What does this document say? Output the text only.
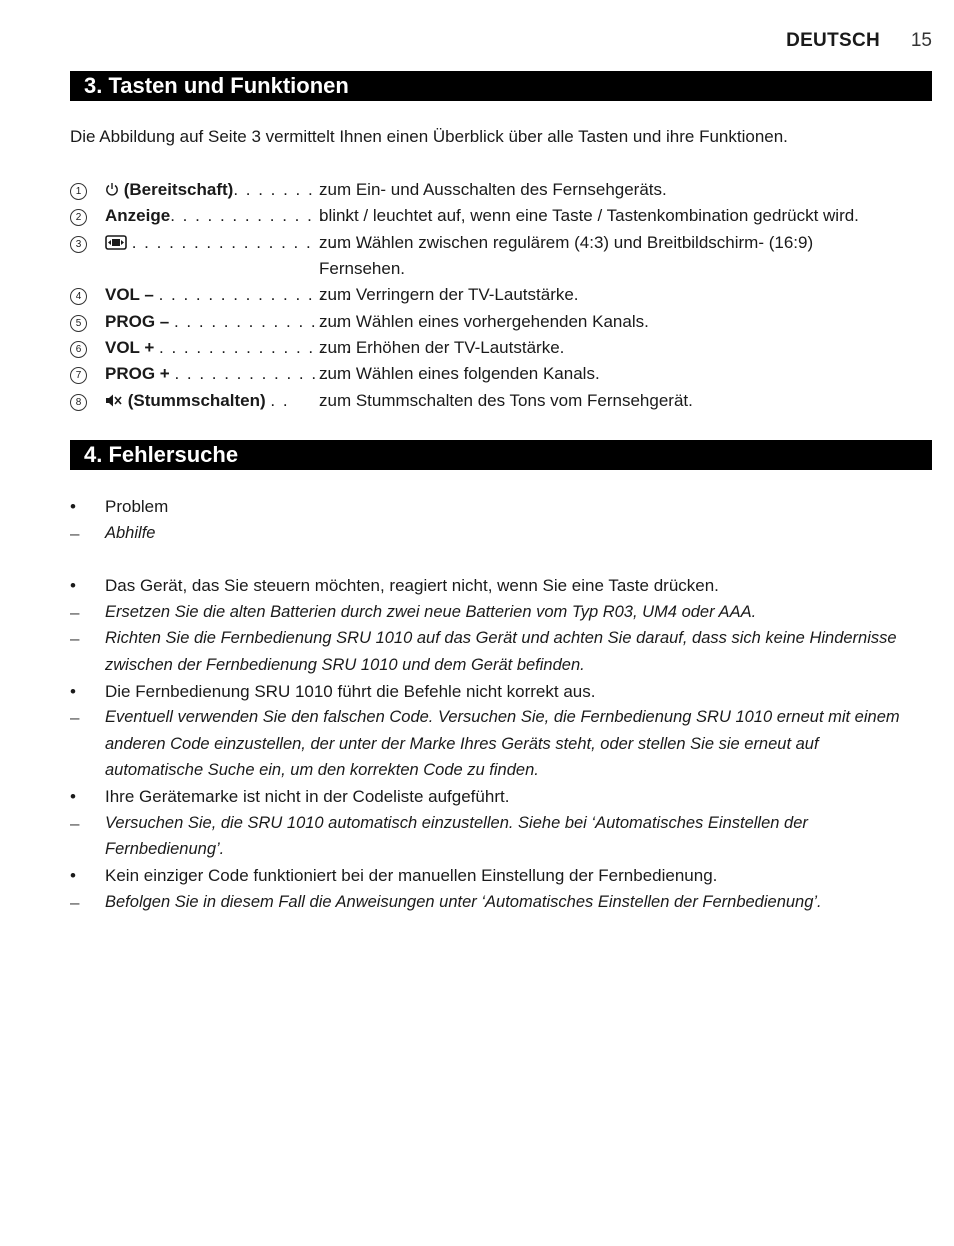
DEUTSCH 15
3. Tasten und Funktionen
Die Abbildung auf Seite 3 vermittelt Ihnen einen Überblick über alle Tasten und ihre Funktionen.
1	(Bereitschaft). . . . . . . zum Ein- und Ausschalten des Fernsehgeräts.
2	Anzeige. . . . . . . . . . . . . . .
blinkt / leuchtet auf, wenn eine Taste / Tastenkombination gedrückt wird.
3	. . . . . . . . . . . . . . . . . . . .
zum Wählen zwischen regulärem (4:3) und Breitbildschirm- (16:9)
Fernsehen.
4	VOL – . . . . . . . . . . . . . . . .
zum Verringern der TV-Lautstärke.
5	PROG – . . . . . . . . . . . . . .
zum Wählen eines vorhergehenden Kanals.
6	VOL + . . . . . . . . . . . . . . . .
zum Erhöhen der TV-Lautstärke.
7	PROG + . . . . . . . . . . . . . .
zum Wählen eines folgenden Kanals.
8	(Stummschalten) . . zum Stummschalten des Tons vom Fernsehgerät.
4. Fehlersuche
•	Problem
–	Abhilfe
•	Das Gerät, das Sie steuern möchten, reagiert nicht, wenn Sie eine Taste drücken.
–	Ersetzen Sie die alten Batterien durch zwei neue Batterien vom Typ R03, UM4 oder AAA.
–	Richten Sie die Fernbedienung SRU 1010 auf das Gerät und achten Sie darauf, dass sich keine Hindernisse
zwischen der Fernbedienung SRU 1010 und dem Gerät befinden.
•	Die Fernbedienung SRU 1010 führt die Befehle nicht korrekt aus.
–	Eventuell verwenden Sie den falschen Code. Versuchen Sie, die Fernbedienung SRU 1010 erneut mit einem
anderen Code einzustellen, der unter der Marke Ihres Geräts steht, oder stellen Sie sie erneut auf
automatische Suche ein, um den korrekten Code zu finden.
•	Ihre Gerätemarke ist nicht in der Codeliste aufgeführt.
–	Versuchen Sie, die SRU 1010 automatisch einzustellen. Siehe bei ‘Automatisches Einstellen der
Fernbedienung’.
•	Kein einziger Code funktioniert bei der manuellen Einstellung der Fernbedienung.
–	Befolgen Sie in diesem Fall die Anweisungen unter ‘Automatisches Einstellen der Fernbedienung’.
